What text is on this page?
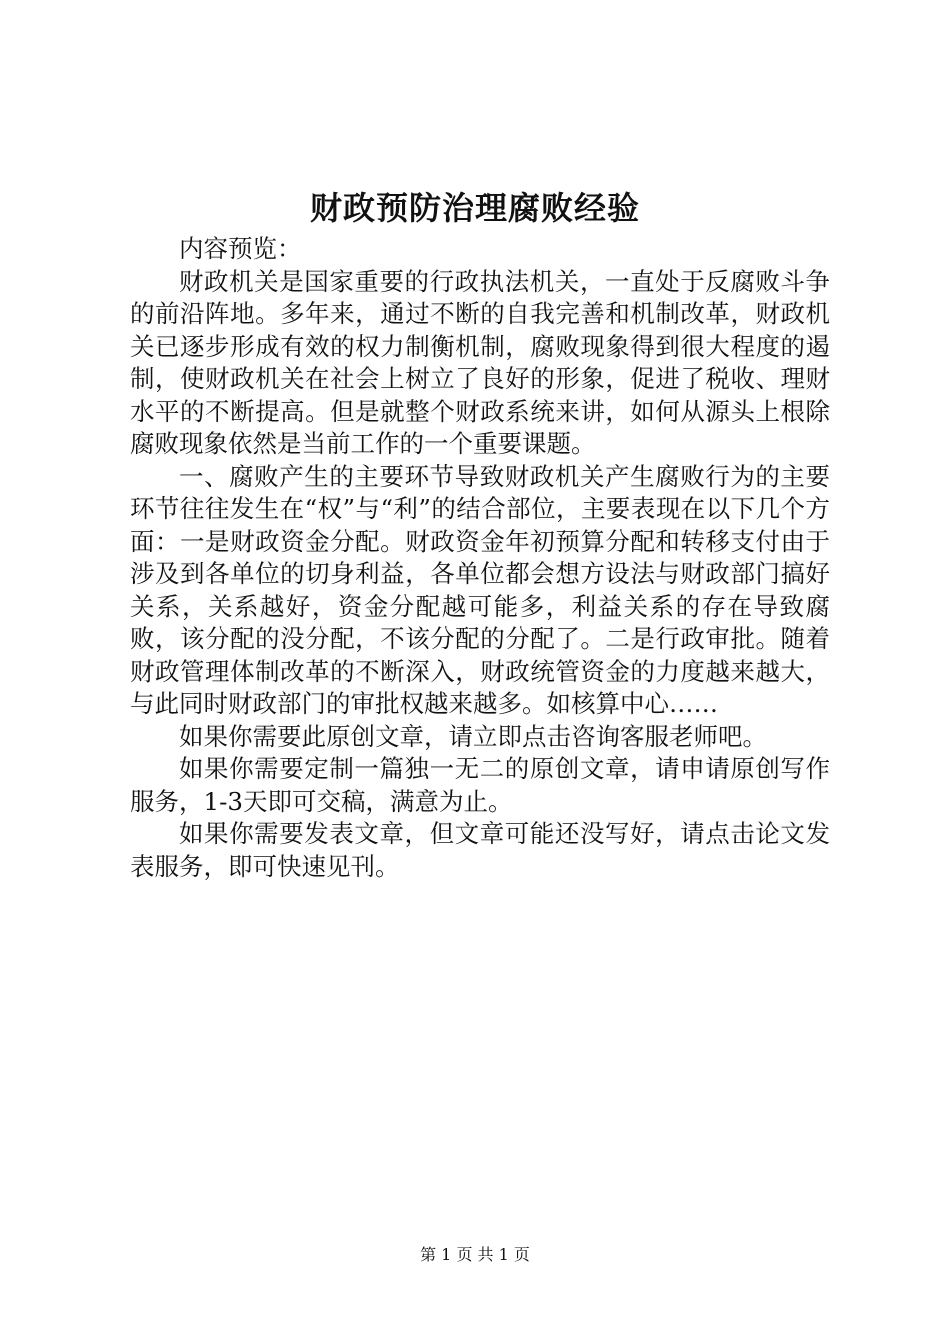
财政预防治理腐败经验

内容预览：

财政机关是国家重要的行政执法机关，一直处于反腐败斗争的前沿阵地。多年来，通过不断的自我完善和机制改革，财政机关已逐步形成有效的权力制衡机制，腐败现象得到很大程度的遏制，使财政机关在社会上树立了良好的形象，促进了税收、理财水平的不断提高。但是就整个财政系统来讲，如何从源头上根除腐败现象依然是当前工作的一个重要课题。

一、腐败产生的主要环节导致财政机关产生腐败行为的主要环节往往发生在“权”与“利”的结合部位，主要表现在以下几个方面：一是财政资金分配。财政资金年初预算分配和转移支付由于涉及到各单位的切身利益，各单位都会想方设法与财政部门搞好关系，关系越好，资金分配越可能多，利益关系的存在导致腐败，该分配的没分配，不该分配的分配了。二是行政审批。随着财政管理体制改革的不断深入，财政统管资金的力度越来越大，与此同时财政部门的审批权越来越多。如核算中心……

如果你需要此原创文章，请立即点击咨询客服老师吧。

如果你需要定制一篇独一无二的原创文章，请申请原创写作服务，1-3天即可交稿，满意为止。

如果你需要发表文章，但文章可能还没写好，请点击论文发表服务，即可快速见刊。

第 1 页 共 1 页
